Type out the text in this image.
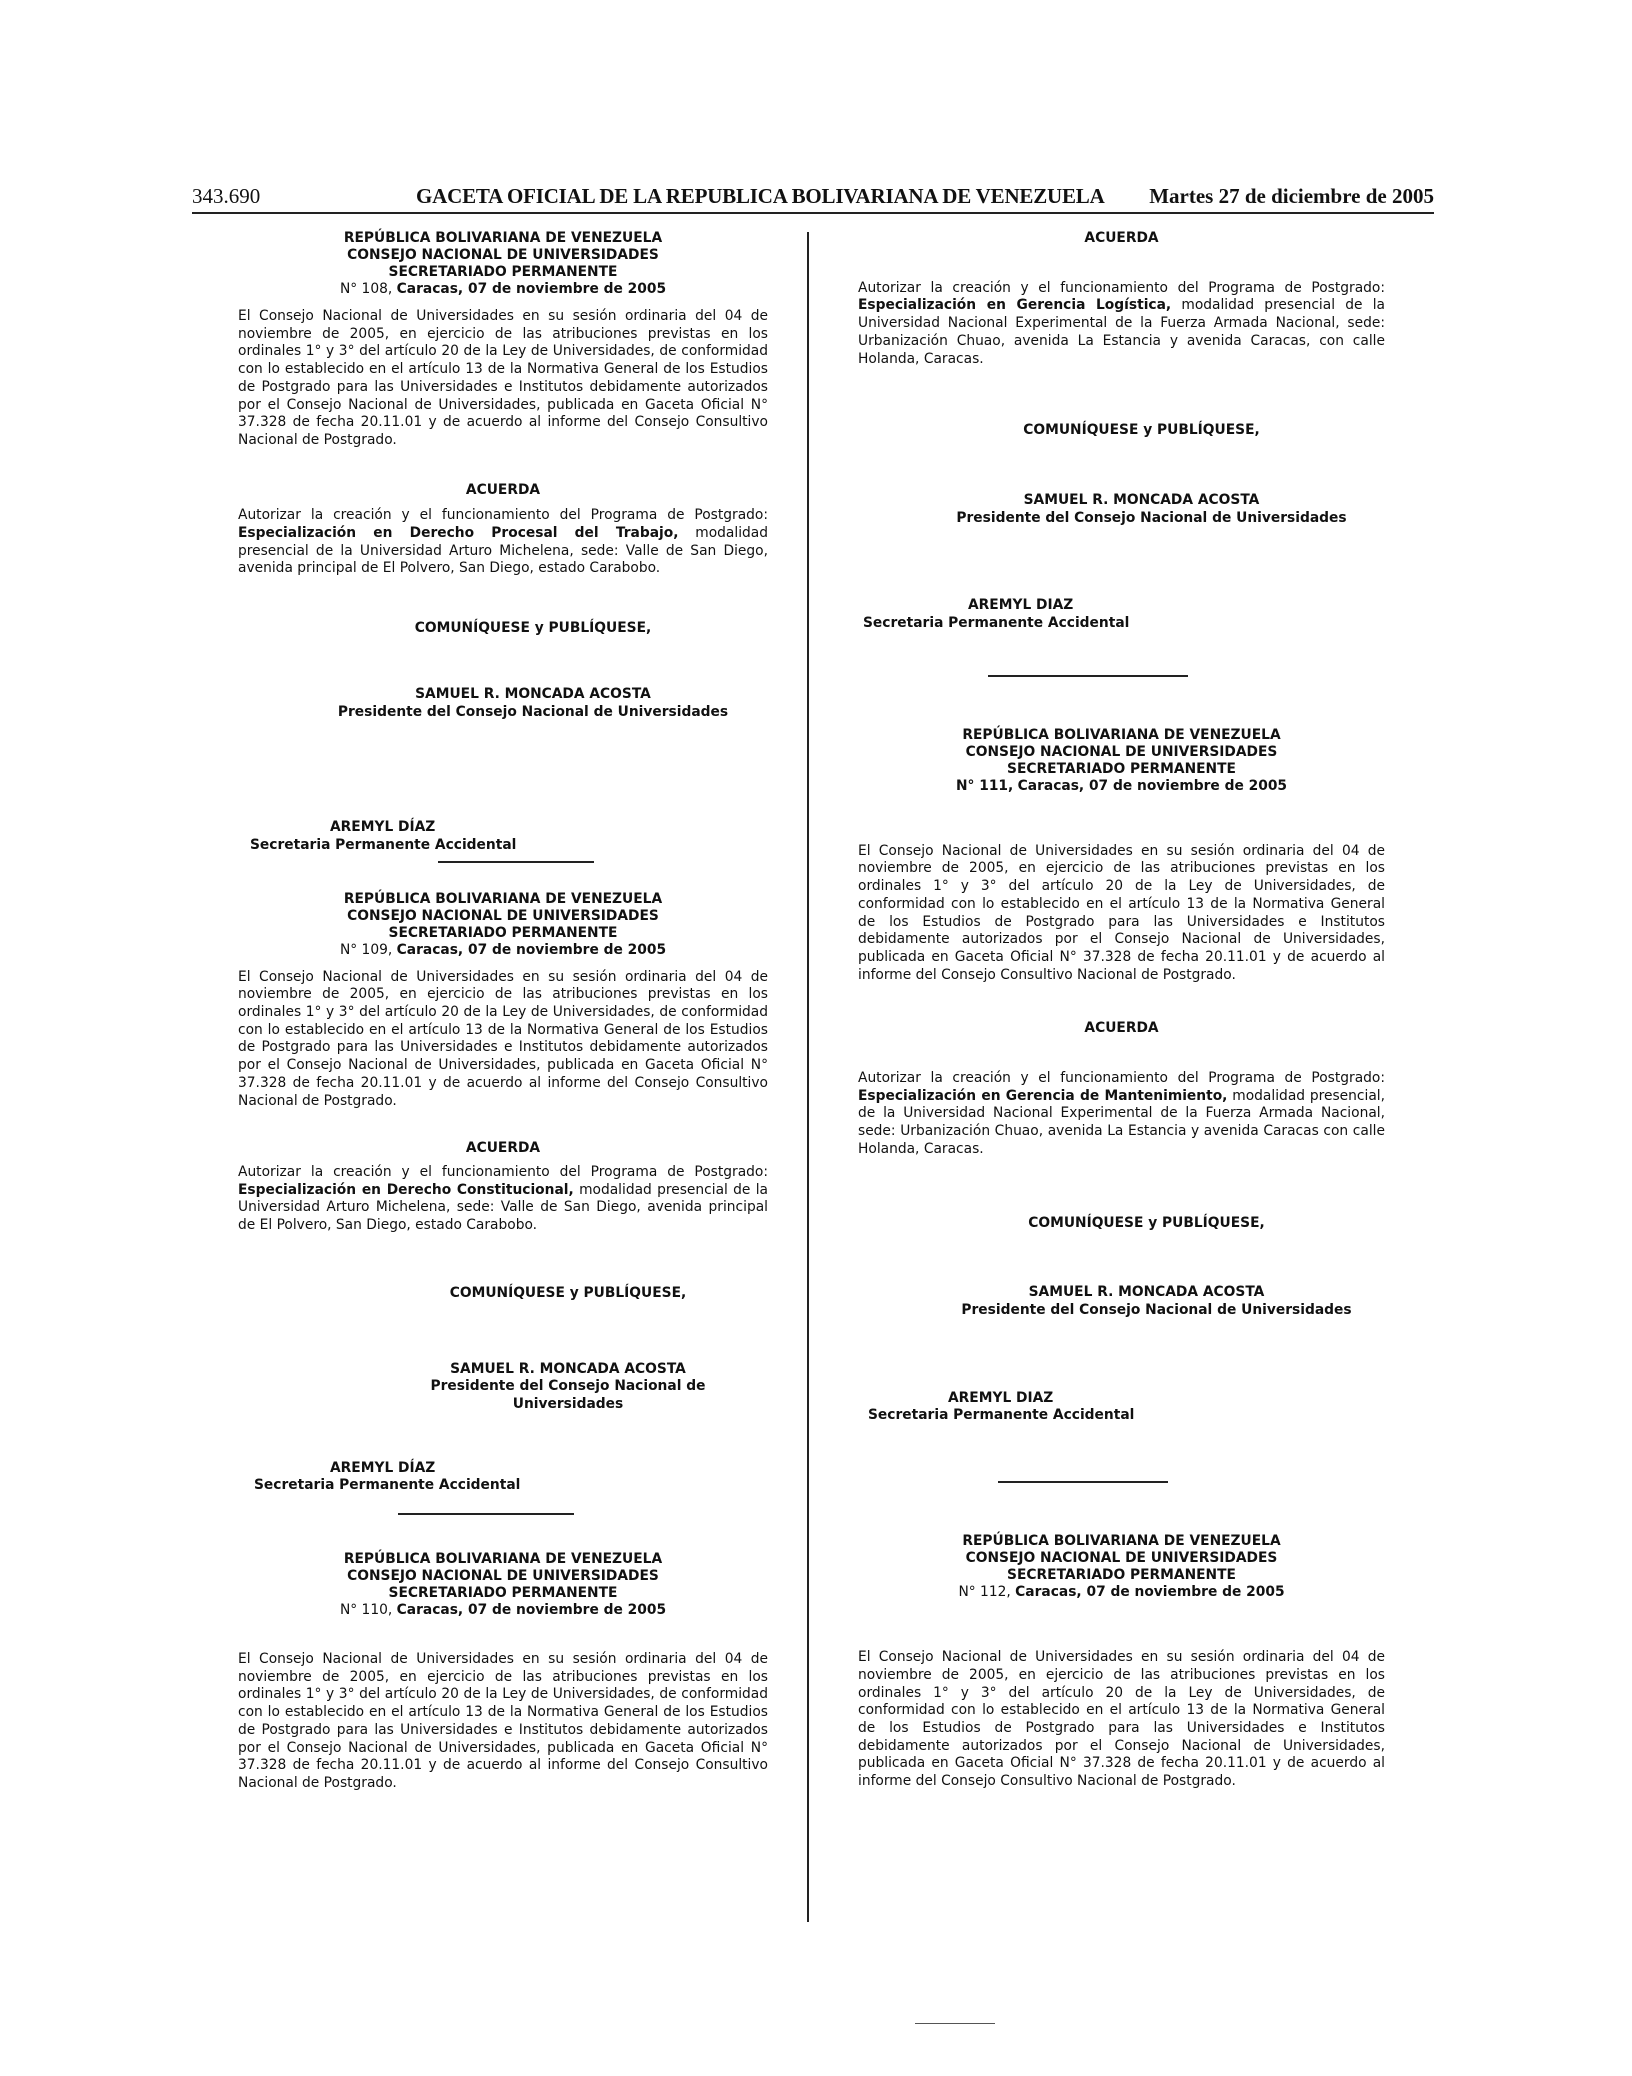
343.690	GACETA OFICIAL DE LA REPUBLICA BOLIVARIANA DE VENEZUELA Martes 27 de diciembre de 2005
REPÚBLICA BOLIVARIANA DE VENEZUELA
CONSEJO NACIONAL DE UNIVERSIDADES
SECRETARIADO PERMANENTE
N° 108, Caracas, 07 de noviembre de 2005

El Consejo Nacional de Universidades en su sesión ordinaria del 04 de noviembre de 2005, en ejercicio de las atribuciones previstas en los ordinales 1° y 3° del artículo 20 de la Ley de Universidades, de conformidad con lo establecido en el artículo 13 de la Normativa General de los Estudios de Postgrado para las Universidades e Institutos debidamente autorizados por el Consejo Nacional de Universidades, publicada en Gaceta Oficial N° 37.328 de fecha 20.11.01 y de acuerdo al informe del Consejo Consultivo Nacional de Postgrado.

ACUERDA

Autorizar la creación y el funcionamiento del Programa de Postgrado: Especialización en Derecho Procesal del Trabajo, modalidad presencial de la Universidad Arturo Michelena, sede: Valle de San Diego, avenida principal de El Polvero, San Diego, estado Carabobo.

COMUNÍQUESE y PUBLÍQUESE,
SAMUEL R. MONCADA ACOSTA
Presidente del Consejo Nacional de Universidades
AREMYL DÍAZ
Secretaria Permanente Accidental
REPÚBLICA BOLIVARIANA DE VENEZUELA
CONSEJO NACIONAL DE UNIVERSIDADES
SECRETARIADO PERMANENTE
N° 109, Caracas, 07 de noviembre de 2005

El Consejo Nacional de Universidades en su sesión ordinaria del 04 de noviembre de 2005, en ejercicio de las atribuciones previstas en los ordinales 1° y 3° del artículo 20 de la Ley de Universidades, de conformidad con lo establecido en el artículo 13 de la Normativa General de los Estudios de Postgrado para las Universidades e Institutos debidamente autorizados por el Consejo Nacional de Universidades, publicada en Gaceta Oficial N° 37.328 de fecha 20.11.01 y de acuerdo al informe del Consejo Consultivo Nacional de Postgrado.

ACUERDA

Autorizar la creación y el funcionamiento del Programa de Postgrado: Especialización en Derecho Constitucional, modalidad presencial de la Universidad Arturo Michelena, sede: Valle de San Diego, avenida principal de El Polvero, San Diego, estado Carabobo.

COMUNÍQUESE y PUBLÍQUESE,
SAMUEL R. MONCADA ACOSTA
Presidente del Consejo Nacional de
Universidades
AREMYL DÍAZ
Secretaria Permanente Accidental
REPÚBLICA BOLIVARIANA DE VENEZUELA
CONSEJO NACIONAL DE UNIVERSIDADES
SECRETARIADO PERMANENTE
N° 110, Caracas, 07 de noviembre de 2005

El Consejo Nacional de Universidades en su sesión ordinaria del 04 de noviembre de 2005, en ejercicio de las atribuciones previstas en los ordinales 1° y 3° del artículo 20 de la Ley de Universidades, de conformidad con lo establecido en el artículo 13 de la Normativa General de los Estudios de Postgrado para las Universidades e Institutos debidamente autorizados por el Consejo Nacional de Universidades, publicada en Gaceta Oficial N° 37.328 de fecha 20.11.01 y de acuerdo al informe del Consejo Consultivo Nacional de Postgrado.

ACUERDA

Autorizar la creación y el funcionamiento del Programa de Postgrado: Especialización en Gerencia Logística, modalidad presencial de la Universidad Nacional Experimental de la Fuerza Armada Nacional, sede: Urbanización Chuao, avenida La Estancia y avenida Caracas, con calle Holanda, Caracas.

COMUNÍQUESE y PUBLÍQUESE,
SAMUEL R. MONCADA ACOSTA
Presidente del Consejo Nacional de Universidades
AREMYL DIAZ
Secretaria Permanente Accidental
REPÚBLICA BOLIVARIANA DE VENEZUELA
CONSEJO NACIONAL DE UNIVERSIDADES
SECRETARIADO PERMANENTE
N° 111, Caracas, 07 de noviembre de 2005

El Consejo Nacional de Universidades en su sesión ordinaria del 04 de noviembre de 2005, en ejercicio de las atribuciones previstas en los ordinales 1° y 3° del artículo 20 de la Ley de Universidades, de conformidad con lo establecido en el artículo 13 de la Normativa General de los Estudios de Postgrado para las Universidades e Institutos debidamente autorizados por el Consejo Nacional de Universidades, publicada en Gaceta Oficial N° 37.328 de fecha 20.11.01 y de acuerdo al informe del Consejo Consultivo Nacional de Postgrado.

ACUERDA

Autorizar la creación y el funcionamiento del Programa de Postgrado: Especialización en Gerencia de Mantenimiento, modalidad presencial, de la Universidad Nacional Experimental de la Fuerza Armada Nacional, sede: Urbanización Chuao, avenida La Estancia y avenida Caracas con calle Holanda, Caracas.

COMUNÍQUESE y PUBLÍQUESE,
SAMUEL R. MONCADA ACOSTA
Presidente del Consejo Nacional de Universidades
AREMYL DIAZ
Secretaria Permanente Accidental
REPÚBLICA BOLIVARIANA DE VENEZUELA
CONSEJO NACIONAL DE UNIVERSIDADES
SECRETARIADO PERMANENTE
N° 112, Caracas, 07 de noviembre de 2005

El Consejo Nacional de Universidades en su sesión ordinaria del 04 de noviembre de 2005, en ejercicio de las atribuciones previstas en los ordinales 1° y 3° del artículo 20 de la Ley de Universidades, de conformidad con lo establecido en el artículo 13 de la Normativa General de los Estudios de Postgrado para las Universidades e Institutos debidamente autorizados por el Consejo Nacional de Universidades, publicada en Gaceta Oficial N° 37.328 de fecha 20.11.01 y de acuerdo al informe del Consejo Consultivo Nacional de Postgrado.
